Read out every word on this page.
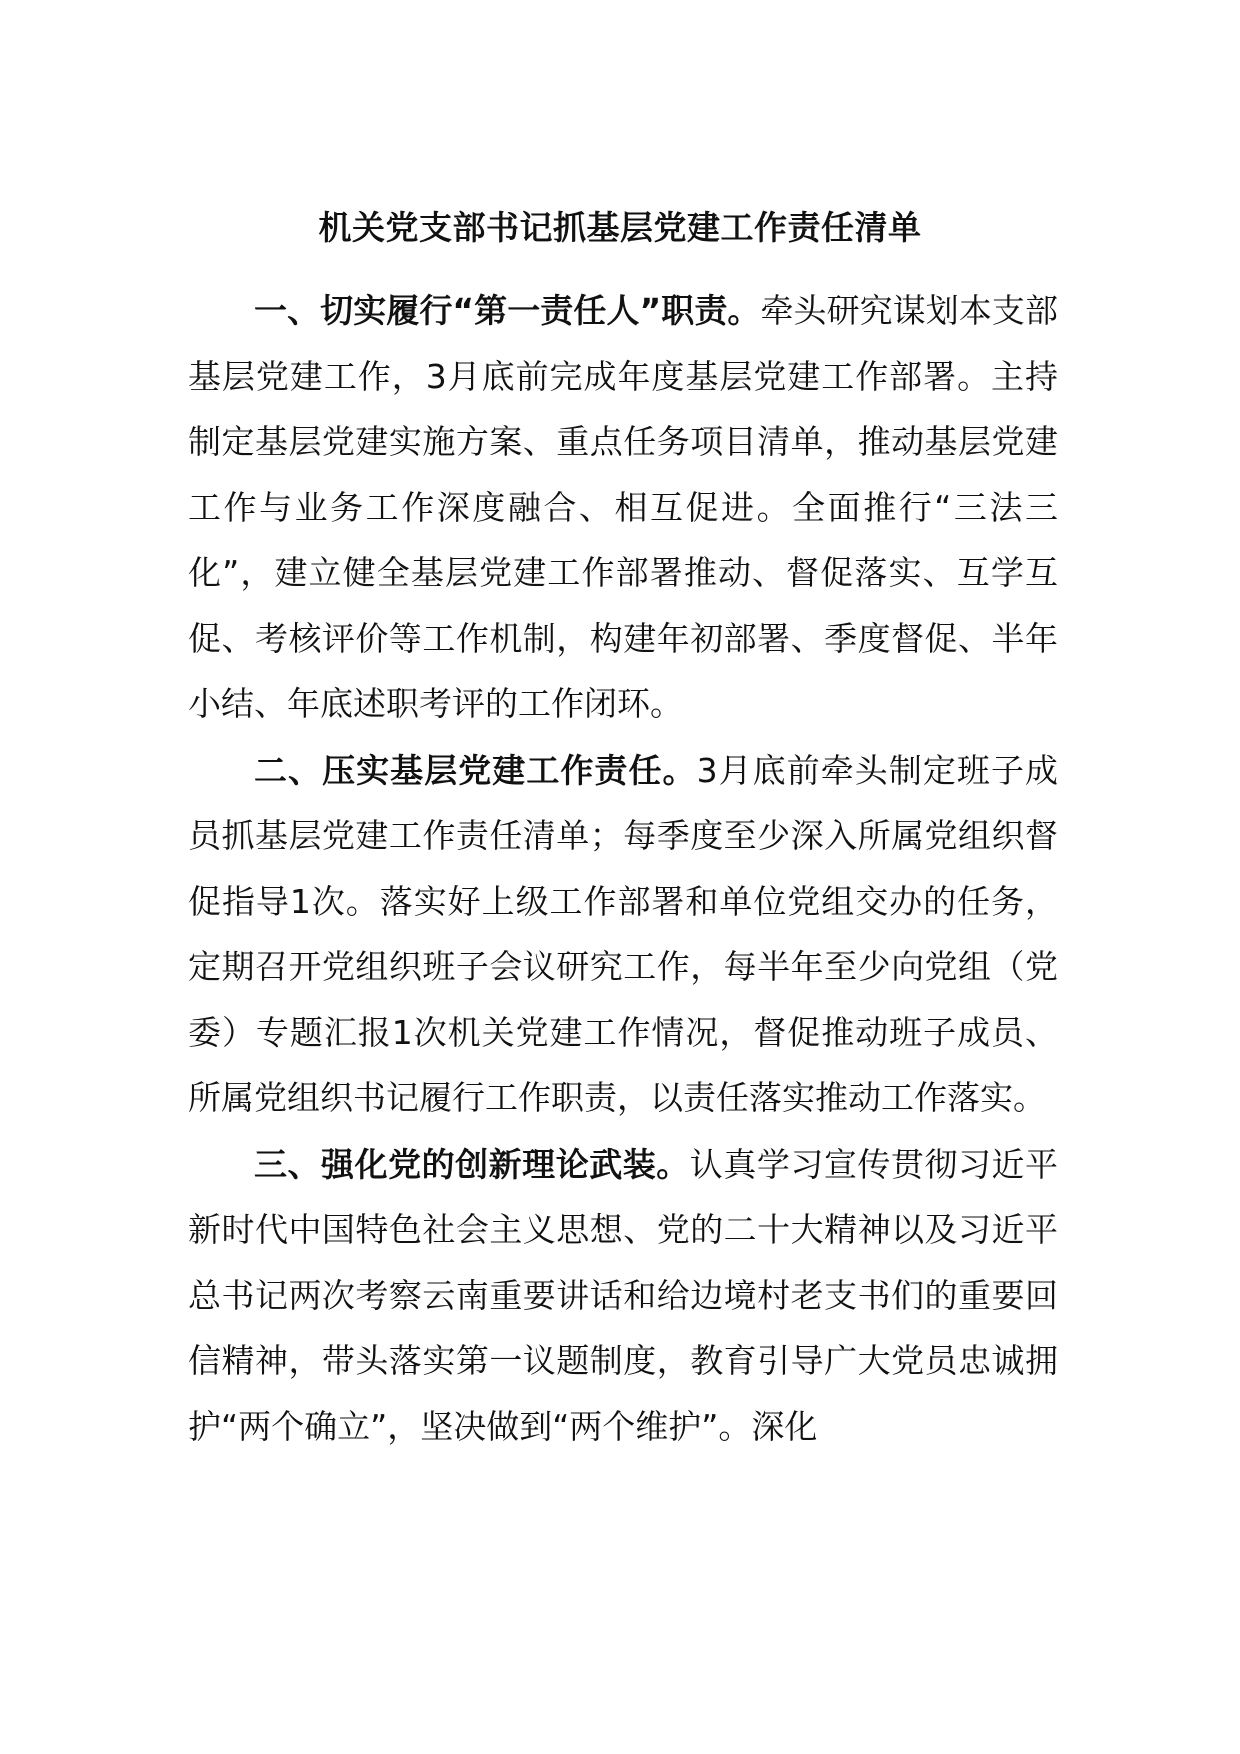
机关党支部书记抓基层党建工作责任清单

一、切实履行“第一责任人”职责。牵头研究谋划本支部基层党建工作，3月底前完成年度基层党建工作部署。主持制定基层党建实施方案、重点任务项目清单，推动基层党建工作与业务工作深度融合、相互促进。全面推行“三法三化”，建立健全基层党建工作部署推动、督促落实、互学互促、考核评价等工作机制，构建年初部署、季度督促、半年小结、年底述职考评的工作闭环。

二、压实基层党建工作责任。3月底前牵头制定班子成员抓基层党建工作责任清单；每季度至少深入所属党组织督促指导1次。落实好上级工作部署和单位党组交办的任务，定期召开党组织班子会议研究工作，每半年至少向党组（党委）专题汇报1次机关党建工作情况，督促推动班子成员、所属党组织书记履行工作职责，以责任落实推动工作落实。

三、强化党的创新理论武装。认真学习宣传贯彻习近平新时代中国特色社会主义思想、党的二十大精神以及习近平总书记两次考察云南重要讲话和给边境村老支书们的重要回信精神，带头落实第一议题制度，教育引导广大党员忠诚拥护“两个确立”，坚决做到“两个维护”。深化
